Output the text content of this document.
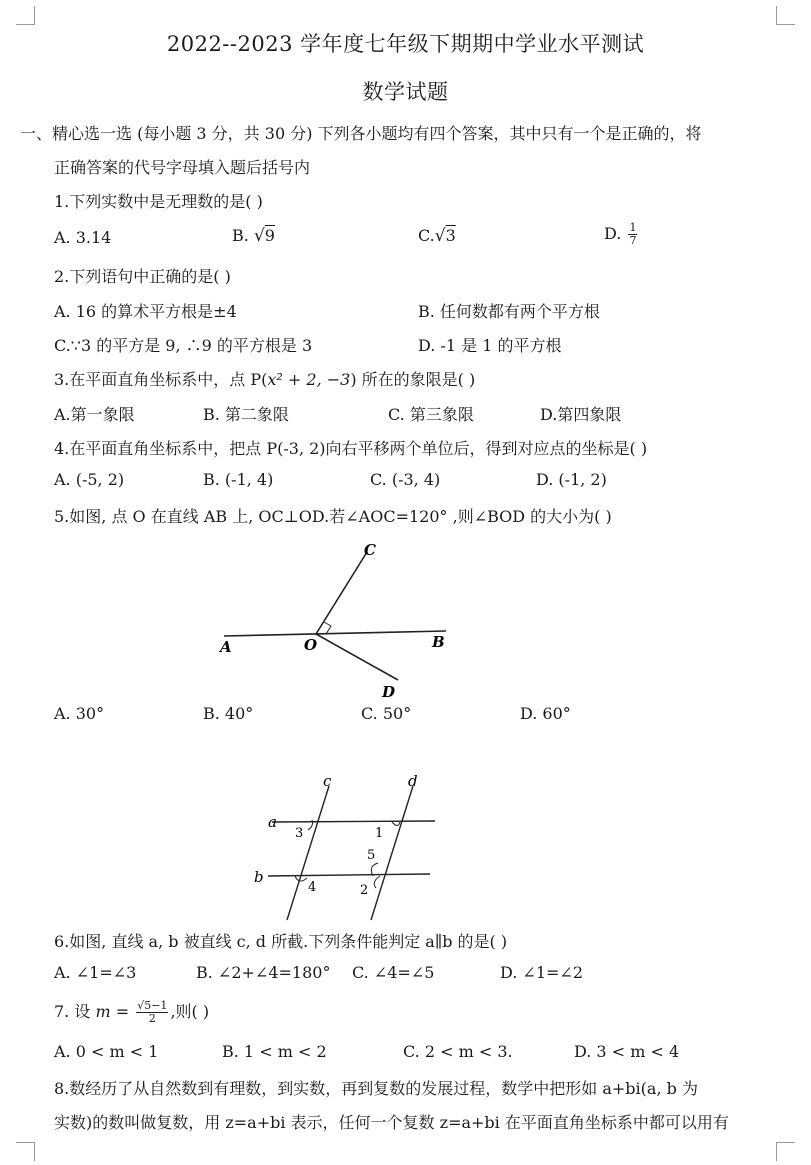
2022--2023 学年度七年级下期期中学业水平测试
数学试题
一、精心选一选 (每小题 3 分，共 30 分) 下列各小题均有四个答案，其中只有一个是正确的，将
正确答案的代号字母填入题后括号内
1.下列实数中是无理数的是( )
A. 3.14	B. √9	C.√3	D. $\frac{1}{7}$
2.下列语句中正确的是( )
A. 16 的算术平方根是±4	B. 任何数都有两个平方根
C.∵3 的平方是 9, ∴9 的平方根是 3	D. -1 是 1 的平方根
3.在平面直角坐标系中，点 P(x² + 2, −3) 所在的象限是( )
A.第一象限	B. 第二象限	C. 第三象限	D.第四象限
4.在平面直角坐标系中，把点 P(-3, 2)向右平移两个单位后，得到对应点的坐标是( )
A. (-5, 2)	B. (-1, 4)	C. (-3, 4)	D. (-1, 2)
5.如图, 点 O 在直线 AB 上, OC⊥OD.若∠AOC=120° ,则∠BOD 的大小为( )
A	O	B
C
D
A. 30°	B. 40°	C. 50°	D. 60°
a
b
c	d
1
2
3
4
5
6.如图, 直线 a, b 被直线 c, d 所截.下列条件能判定 a∥b 的是( )
A. ∠1=∠3	B. ∠2+∠4=180° C. ∠4=∠5	D. ∠1=∠2
7. 设 $m = \frac{√5-1}{2}$ ,则( )
A. 0 < m < 1	B. 1 < m < 2	C. 2 < m < 3.	D. 3 < m < 4
8.数经历了从自然数到有理数，到实数，再到复数的发展过程，数学中把形如 a+bi(a, b 为
实数)的数叫做复数，用 z=a+bi 表示，任何一个复数 z=a+bi 在平面直角坐标系中都可以用有
